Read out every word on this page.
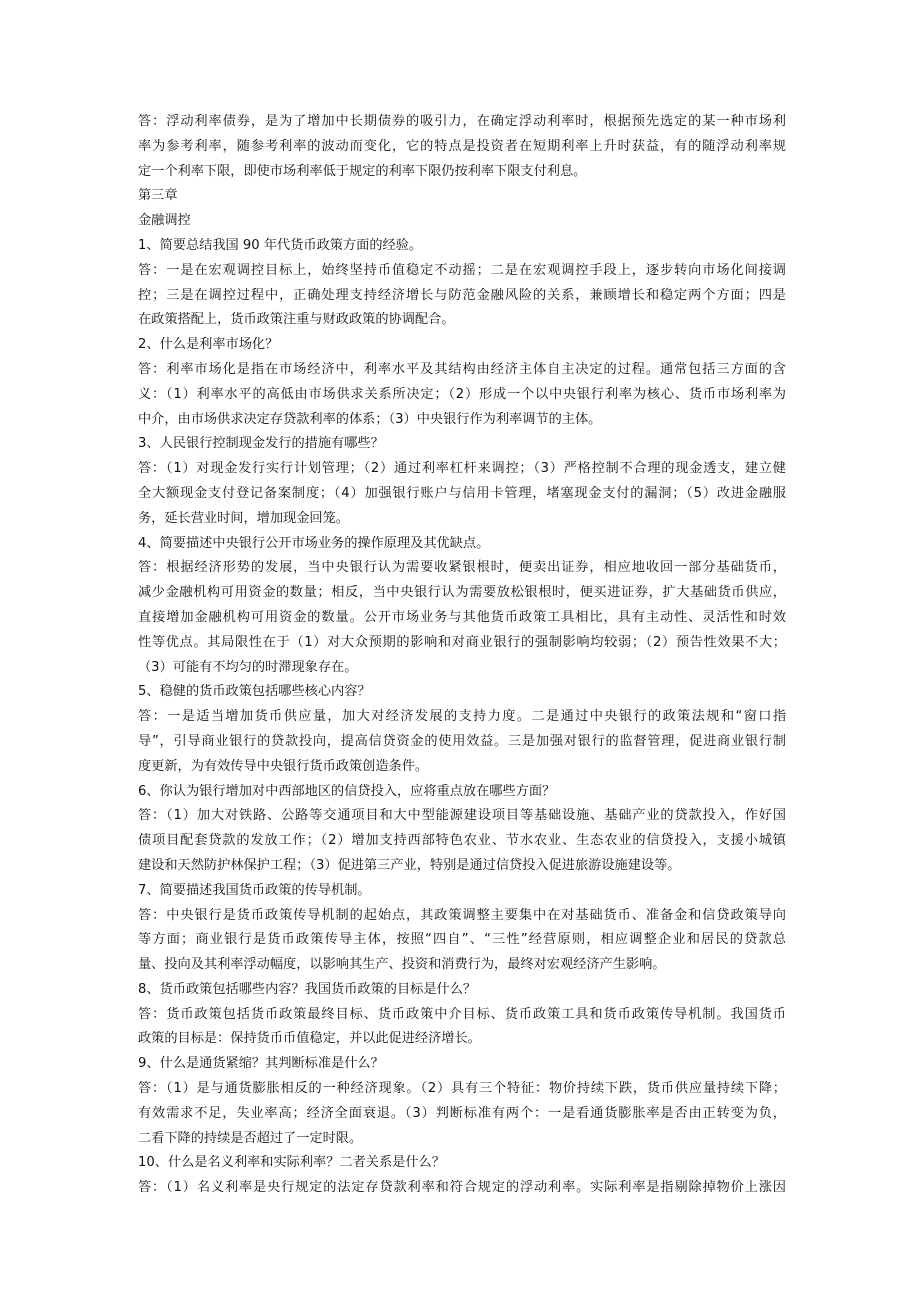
答：浮动利率债券，是为了增加中长期债券的吸引力，在确定浮动利率时，根据预先选定的某一种市场利
率为参考利率，随参考利率的波动而变化，它的特点是投资者在短期利率上升时获益，有的随浮动利率规
定一个利率下限，即使市场利率低于规定的利率下限仍按利率下限支付利息。
第三章
金融调控
1、简要总结我国 90 年代货币政策方面的经验。
答：一是在宏观调控目标上，始终坚持币值稳定不动摇；二是在宏观调控手段上，逐步转向市场化间接调
控；三是在调控过程中，正确处理支持经济增长与防范金融风险的关系，兼顾增长和稳定两个方面；四是
在政策搭配上，货币政策注重与财政政策的协调配合。
2、什么是利率市场化？
答：利率市场化是指在市场经济中，利率水平及其结构由经济主体自主决定的过程。通常包括三方面的含
义：（1）利率水平的高低由市场供求关系所决定；（2）形成一个以中央银行利率为核心、货币市场利率为
中介，由市场供求决定存贷款利率的体系；（3）中央银行作为利率调节的主体。
3、人民银行控制现金发行的措施有哪些？
答：（1）对现金发行实行计划管理；（2）通过利率杠杆来调控；（3）严格控制不合理的现金透支，建立健
全大额现金支付登记备案制度；（4）加强银行账户与信用卡管理，堵塞现金支付的漏洞；（5）改进金融服
务，延长营业时间，增加现金回笼。
4、简要描述中央银行公开市场业务的操作原理及其优缺点。
答：根据经济形势的发展，当中央银行认为需要收紧银根时，便卖出证券，相应地收回一部分基础货币，
减少金融机构可用资金的数量；相反，当中央银行认为需要放松银根时，便买进证券，扩大基础货币供应，
直接增加金融机构可用资金的数量。公开市场业务与其他货币政策工具相比，具有主动性、灵活性和时效
性等优点。其局限性在于（1）对大众预期的影响和对商业银行的强制影响均较弱；（2）预告性效果不大；
（3）可能有不均匀的时滞现象存在。
5、稳健的货币政策包括哪些核心内容？
答：一是适当增加货币供应量，加大对经济发展的支持力度。二是通过中央银行的政策法规和“窗口指
导”，引导商业银行的贷款投向，提高信贷资金的使用效益。三是加强对银行的监督管理，促进商业银行制
度更新，为有效传导中央银行货币政策创造条件。
6、你认为银行增加对中西部地区的信贷投入，应将重点放在哪些方面？
答：（1）加大对铁路、公路等交通项目和大中型能源建设项目等基础设施、基础产业的贷款投入，作好国
债项目配套贷款的发放工作；（2）增加支持西部特色农业、节水农业、生态农业的信贷投入，支援小城镇
建设和天然防护林保护工程；（3）促进第三产业，特别是通过信贷投入促进旅游设施建设等。
7、简要描述我国货币政策的传导机制。
答：中央银行是货币政策传导机制的起始点，其政策调整主要集中在对基础货币、准备金和信贷政策导向
等方面；商业银行是货币政策传导主体，按照“四自”、“三性”经营原则，相应调整企业和居民的贷款总
量、投向及其利率浮动幅度，以影响其生产、投资和消费行为，最终对宏观经济产生影响。
8、货币政策包括哪些内容？我国货币政策的目标是什么？
答：货币政策包括货币政策最终目标、货币政策中介目标、货币政策工具和货币政策传导机制。我国货币
政策的目标是：保持货币币值稳定，并以此促进经济增长。
9、什么是通货紧缩？其判断标准是什么？
答：（1）是与通货膨胀相反的一种经济现象。（2）具有三个特征：物价持续下跌，货币供应量持续下降；
有效需求不足，失业率高；经济全面衰退。（3）判断标准有两个：一是看通货膨胀率是否由正转变为负，
二看下降的持续是否超过了一定时限。
10、什么是名义利率和实际利率？二者关系是什么？
答：（1）名义利率是央行规定的法定存贷款利率和符合规定的浮动利率。实际利率是指剔除掉物价上涨因
